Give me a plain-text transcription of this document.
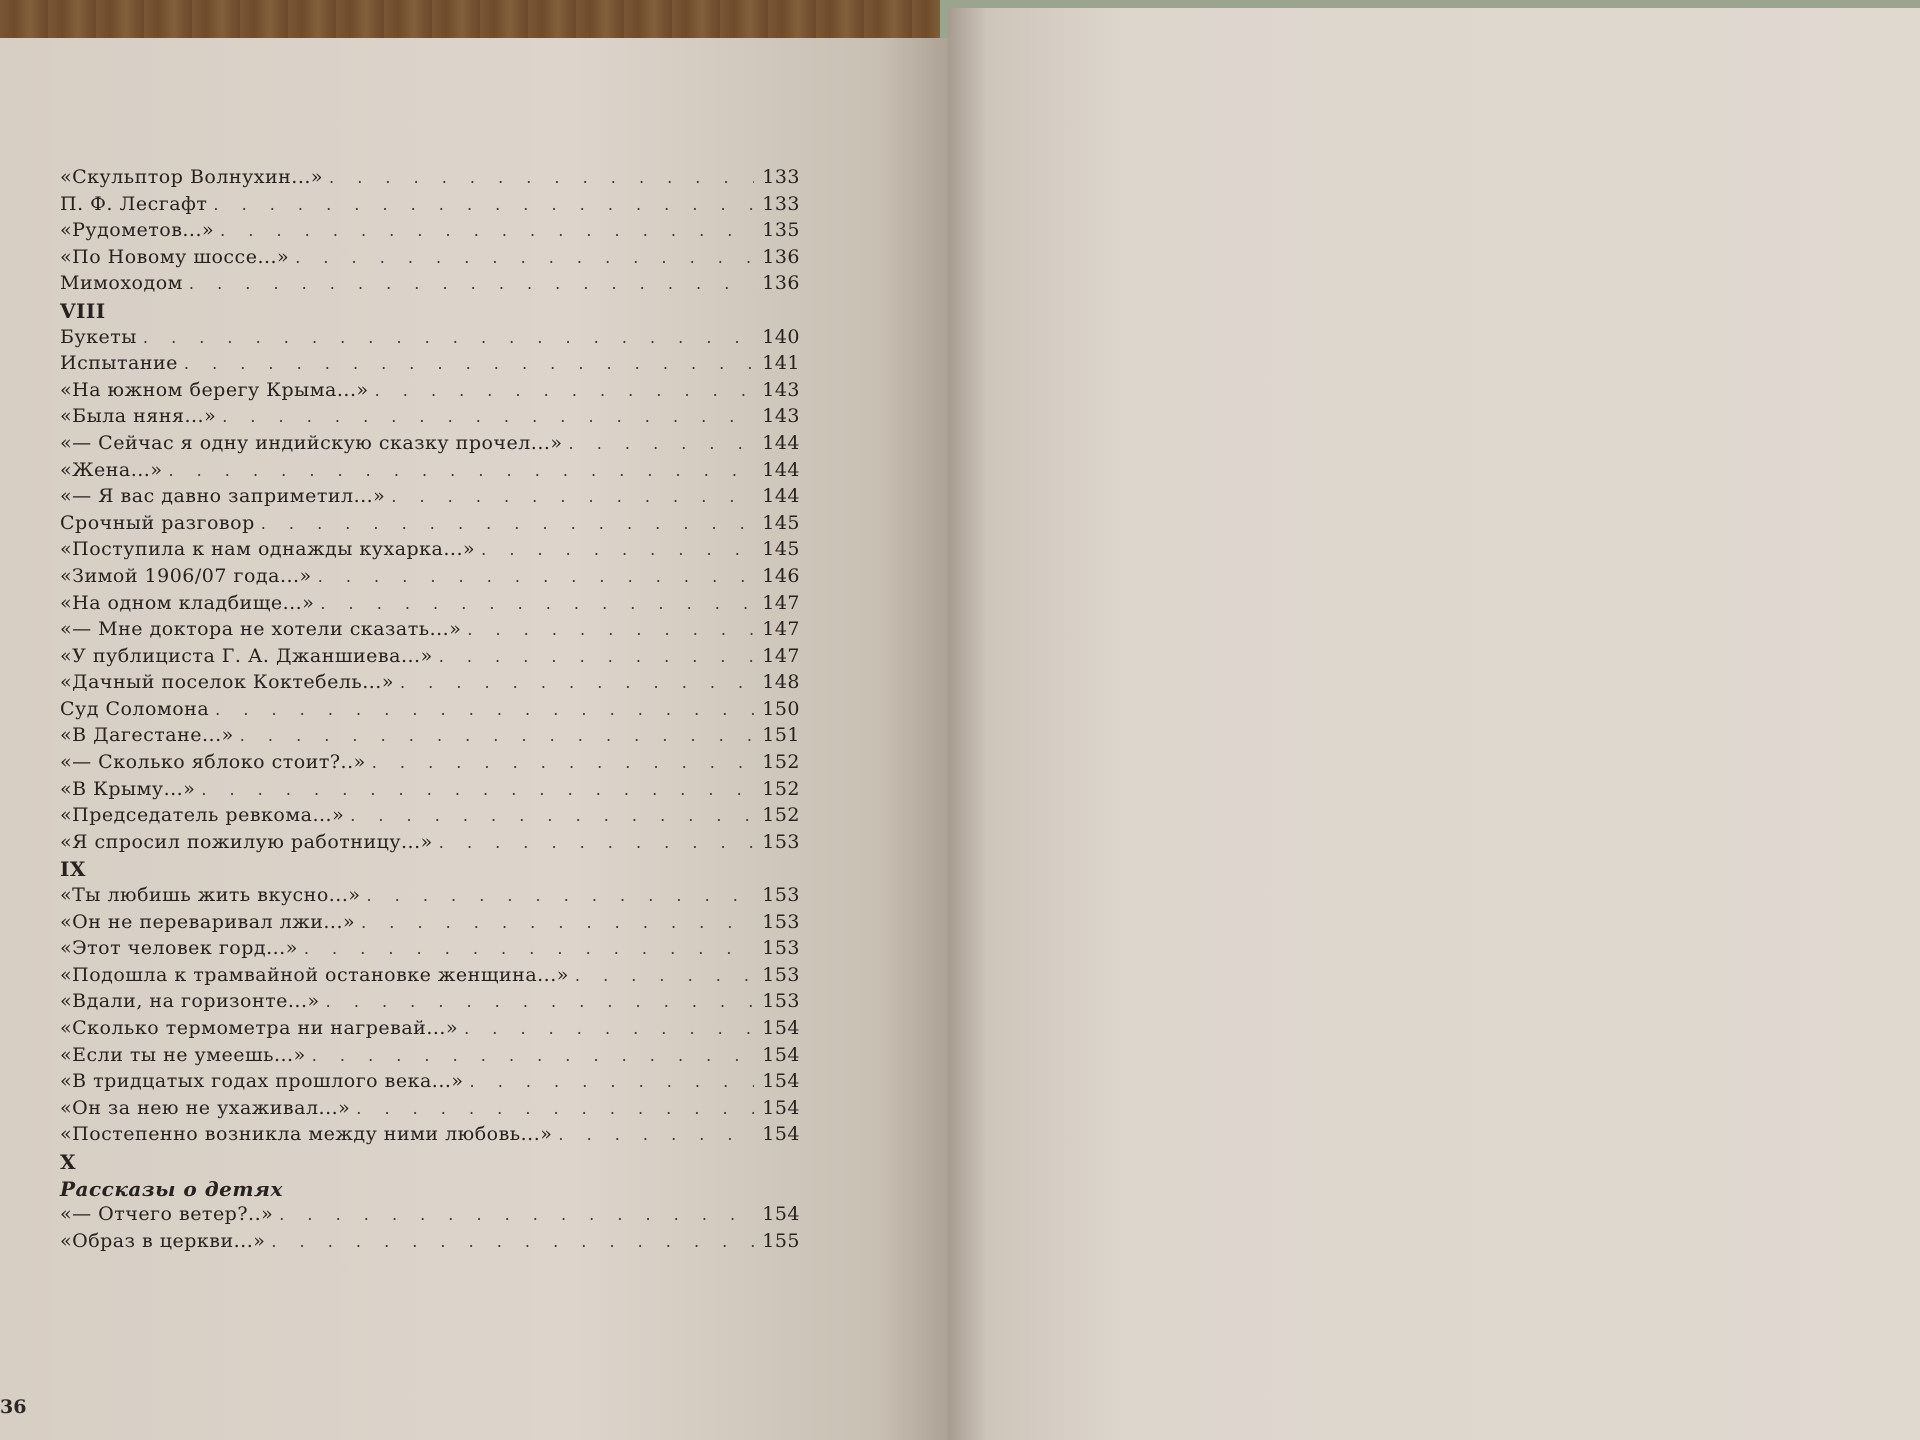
«Скульптор Волнухин...» . . .	133
П. Ф. Лесгафт . . .	133
«Рудометов...» . . .	135
«По Новому шоссе...» . . .	136
Мимоходом . . .	136
VIII
Букеты . . .	140
Испытание . . .	141
«На южном берегу Крыма...» . . .	143
«Была няня...» . . .	143
«— Сейчас я одну индийскую сказку прочел...» . . .	144
«Жена...» . . .	144
«— Я вас давно заприметил...» . . .	144
Срочный разговор . . .	145
«Поступила к нам однажды кухарка...» . . .	145
«Зимой 1906/07 года...» . . .	146
«На одном кладбище...» . . .	147
«— Мне доктора не хотели сказать...» . . .	147
«У публициста Г. А. Джаншиева...» . . .	147
«Дачный поселок Коктебель...» . . .	148
Суд Соломона . . .	150
«В Дагестане...» . . .	151
«— Сколько яблоко стоит?..» . . .	152
«В Крыму...» . . .	152
«Председатель ревкома...» . . .	152
«Я спросил пожилую работницу...» . . .	153
IX
«Ты любишь жить вкусно...» . . .	153
«Он не переваривал лжи...» . . .	153
«Этот человек горд...» . . .	153
«Подошла к трамвайной остановке женщина...» . . .	153
«Вдали, на горизонте...» . . .	153
«Сколько термометра ни нагревай...» . . .	154
«Если ты не умеешь...» . . .	154
«В тридцатых годах прошлого века...» . . .	154
«Он за нею не ухаживал...» . . .	154
«Постепенно возникла между ними любовь...» . . .	154
X
Рассказы о детях
«— Отчего ветер?..» . . .	154
«Образ в церкви...» . . .	155
36
